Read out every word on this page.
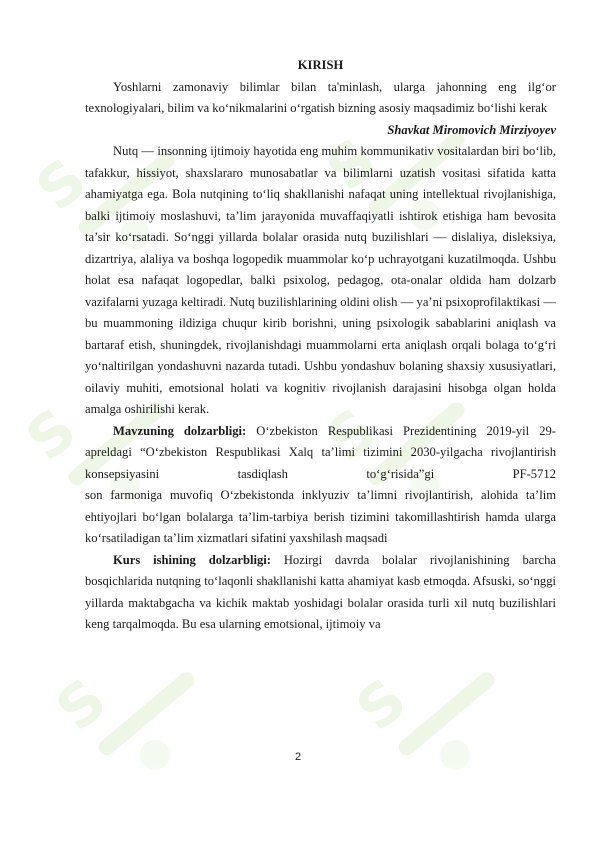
S	S
S	S
S	S
KIRISH

Yoshlarni zamonaviy bilimlar bilan ta'minlash, ularga jahonning eng ilg‘or texnologiyalari, bilim va ko‘nikmalarini o‘rgatish bizning asosiy maqsadimiz bo‘lishi kerak

Shavkat Miromovich Mirziyoyev

Nutq — insonning ijtimoiy hayotida eng muhim kommunikativ vositalardan biri bo‘lib, tafakkur, hissiyot, shaxslararo munosabatlar va bilimlarni uzatish vositasi sifatida katta ahamiyatga ega. Bola nutqining to‘liq shakllanishi nafaqat uning intellektual rivojlanishiga, balki ijtimoiy moslashuvi, ta’lim jarayonida muvaffaqiyatli ishtirok etishiga ham bevosita ta’sir ko‘rsatadi. So‘nggi yillarda bolalar orasida nutq buzilishlari — dislaliya, disleksiya, dizartriya, alaliya va boshqa logopedik muammolar ko‘p uchrayotgani kuzatilmoqda. Ushbu holat esa nafaqat logopedlar, balki psixolog, pedagog, ota-onalar oldida ham dolzarb vazifalarni yuzaga keltiradi. Nutq buzilishlarining oldini olish — ya’ni psixoprofilaktikasi — bu muammoning ildiziga chuqur kirib borishni, uning psixologik sabablarini aniqlash va bartaraf etish, shuningdek, rivojlanishdagi muammolarni erta aniqlash orqali bolaga to‘g‘ri yo‘naltirilgan yondashuvni nazarda tutadi. Ushbu yondashuv bolaning shaxsiy xususiyatlari, oilaviy muhiti, emotsional holati va kognitiv rivojlanish darajasini hisobga olgan holda amalga oshirilishi kerak.

Mavzuning dolzarbligi: O‘zbekiston Respublikasi Prezidentining 2019-yil 29-apreldagi “O‘zbekiston Respublikasi Xalq ta’limi tizimini 2030-yilgacha rivojlantirish konsepsiyasini tasdiqlash to‘g‘risida”gi PF-5712

son farmoniga muvofiq O‘zbekistonda inklyuziv ta’limni rivojlantirish, alohida ta’lim ehtiyojlari bo‘lgan bolalarga ta’lim-tarbiya berish tizimini takomillashtirish hamda ularga ko‘rsatiladigan ta’lim xizmatlari sifatini yaxshilash maqsadi

Kurs ishining dolzarbligi: Hozirgi davrda bolalar rivojlanishining barcha bosqichlarida nutqning to‘laqonli shakllanishi katta ahamiyat kasb etmoqda. Afsuski, so‘nggi yillarda maktabgacha va kichik maktab yoshidagi bolalar orasida turli xil nutq buzilishlari keng tarqalmoqda. Bu esa ularning emotsional, ijtimoiy va

2
